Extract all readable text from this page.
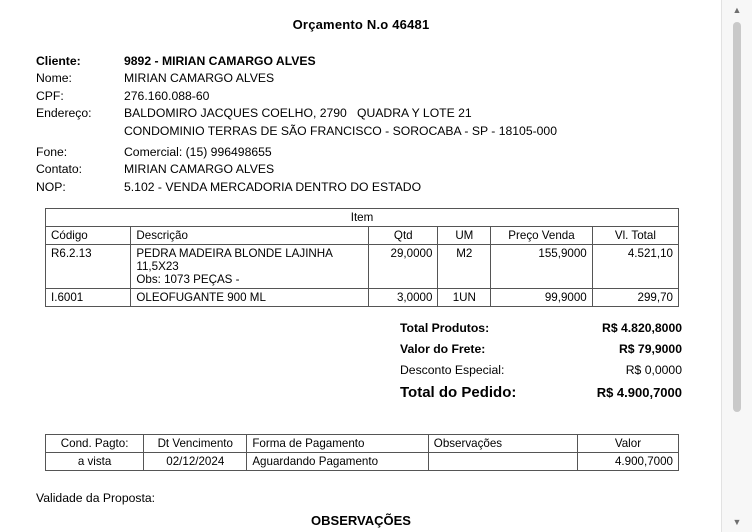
Orçamento N.o 46481
Cliente:	9892 - MIRIAN CAMARGO ALVES
Nome:	MIRIAN CAMARGO ALVES
CPF:	276.160.088-60
Endereço:	BALDOMIRO JACQUES COELHO, 2790   QUADRA Y LOTE 21
CONDOMINIO TERRAS DE SÃO FRANCISCO - SOROCABA - SP - 18105-000
Fone:	Comercial: (15) 996498655
Contato:	MIRIAN CAMARGO ALVES
NOP:	5.102 - VENDA MERCADORIA DENTRO DO ESTADO
Item					
Código	Descrição	Qtd	UM	Preço Venda	Vl. Total
R6.2.13	PEDRA MADEIRA BLONDE LAJINHA 11,5X23
Obs: 1073 PEÇAS -	29,0000	M2	155,9000	4.521,10
I.6001	OLEOFUGANTE 900 ML	3,0000	1UN	99,9000	299,70
Total Produtos:	R$ 4.820,8000
Valor do Frete:	R$ 79,9000
Desconto Especial:	R$ 0,0000
Total do Pedido:	R$ 4.900,7000
Cond. Pagto:	Dt Vencimento	Forma de Pagamento	Observações	Valor
a vista	02/12/2024	Aguardando Pagamento		4.900,7000
Validade da Proposta:
OBSERVAÇÕES
▲
▼
